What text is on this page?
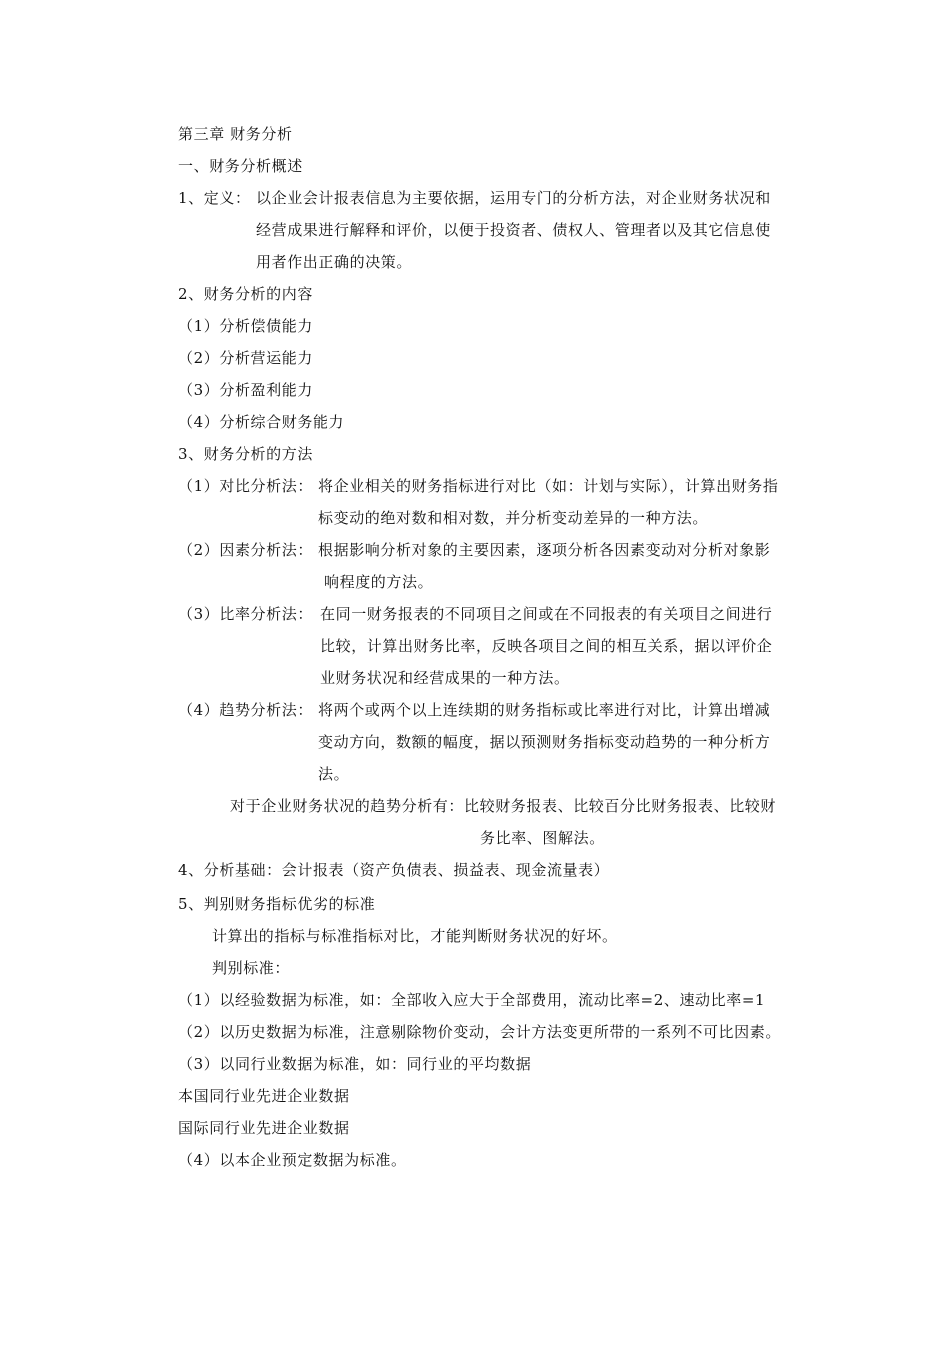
第三章 财务分析
一、财务分析概述
1、定义： 以企业会计报表信息为主要依据，运用专门的分析方法，对企业财务状况和
经营成果进行解释和评价，以便于投资者、债权人、管理者以及其它信息使
用者作出正确的决策。
2、财务分析的内容
（1）分析偿债能力
（2）分析营运能力
（3）分析盈利能力
（4）分析综合财务能力
3、财务分析的方法
（1）对比分析法： 将企业相关的财务指标进行对比（如：计划与实际），计算出财务指
标变动的绝对数和相对数，并分析变动差异的一种方法。
（2）因素分析法： 根据影响分析对象的主要因素，逐项分析各因素变动对分析对象影
响程度的方法。
（3）比率分析法： 在同一财务报表的不同项目之间或在不同报表的有关项目之间进行
比较，计算出财务比率，反映各项目之间的相互关系，据以评价企
业财务状况和经营成果的一种方法。
（4）趋势分析法： 将两个或两个以上连续期的财务指标或比率进行对比，计算出增减
变动方向，数额的幅度，据以预测财务指标变动趋势的一种分析方
法。
对于企业财务状况的趋势分析有：比较财务报表、比较百分比财务报表、比较财
务比率、图解法。
4、分析基础：会计报表（资产负债表、损益表、现金流量表）
5、判别财务指标优劣的标准
计算出的指标与标准指标对比，才能判断财务状况的好坏。
判别标准：
（1）以经验数据为标准，如：全部收入应大于全部费用，流动比率=2、速动比率=1
（2）以历史数据为标准，注意剔除物价变动，会计方法变更所带的一系列不可比因素。
（3）以同行业数据为标准，如：同行业的平均数据
本国同行业先进企业数据
国际同行业先进企业数据
（4）以本企业预定数据为标准。
